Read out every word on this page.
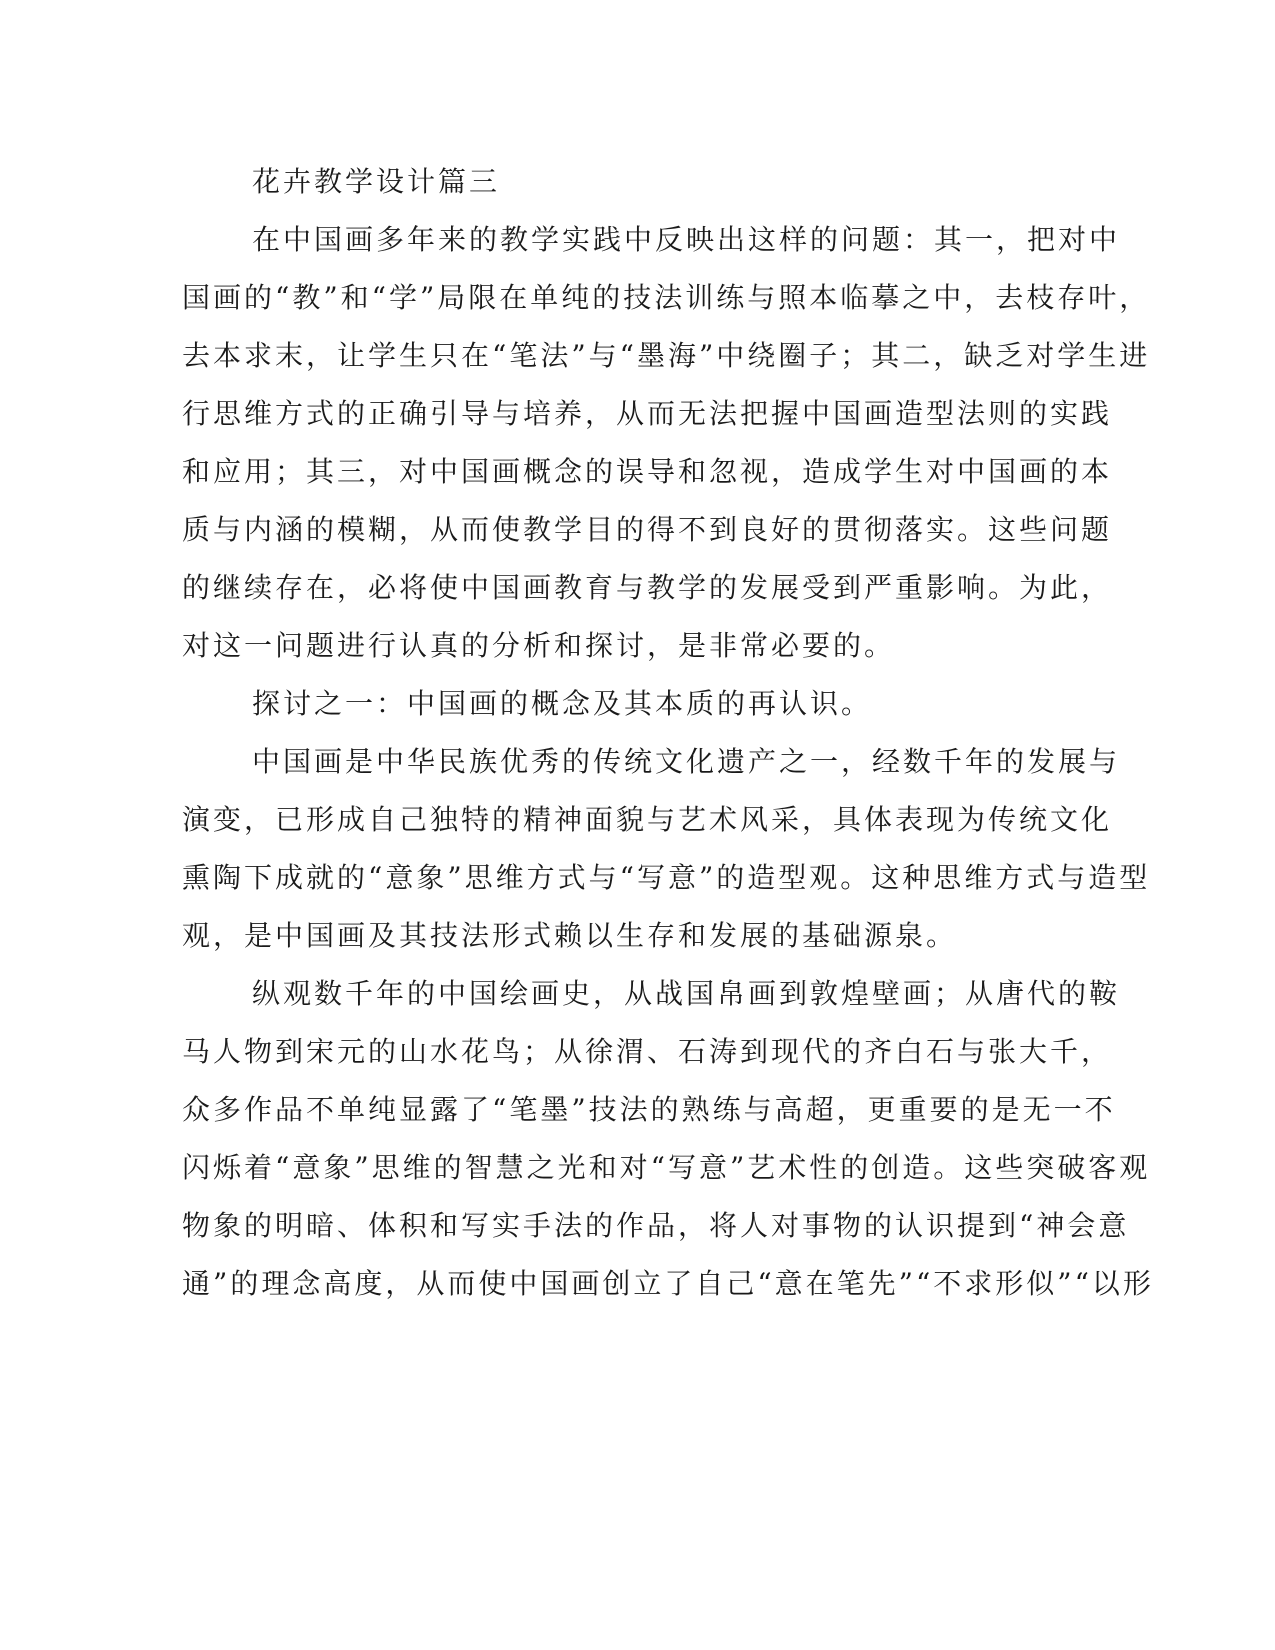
花卉教学设计篇三

在中国画多年来的教学实践中反映出这样的问题：其一，把对中

国画的“教”和“学”局限在单纯的技法训练与照本临摹之中，去枝存叶，

去本求末，让学生只在“笔法”与“墨海”中绕圈子；其二，缺乏对学生进

行思维方式的正确引导与培养，从而无法把握中国画造型法则的实践

和应用；其三，对中国画概念的误导和忽视，造成学生对中国画的本

质与内涵的模糊，从而使教学目的得不到良好的贯彻落实。这些问题

的继续存在，必将使中国画教育与教学的发展受到严重影响。为此，

对这一问题进行认真的分析和探讨，是非常必要的。

探讨之一：中国画的概念及其本质的再认识。

中国画是中华民族优秀的传统文化遗产之一，经数千年的发展与

演变，已形成自己独特的精神面貌与艺术风采，具体表现为传统文化

熏陶下成就的“意象”思维方式与“写意”的造型观。这种思维方式与造型

观，是中国画及其技法形式赖以生存和发展的基础源泉。

纵观数千年的中国绘画史，从战国帛画到敦煌壁画；从唐代的鞍

马人物到宋元的山水花鸟；从徐渭、石涛到现代的齐白石与张大千，

众多作品不单纯显露了“笔墨”技法的熟练与高超，更重要的是无一不

闪烁着“意象”思维的智慧之光和对“写意”艺术性的创造。这些突破客观

物象的明暗、体积和写实手法的作品，将人对事物的认识提到“神会意

通”的理念高度，从而使中国画创立了自己“意在笔先”“不求形似”“以形
